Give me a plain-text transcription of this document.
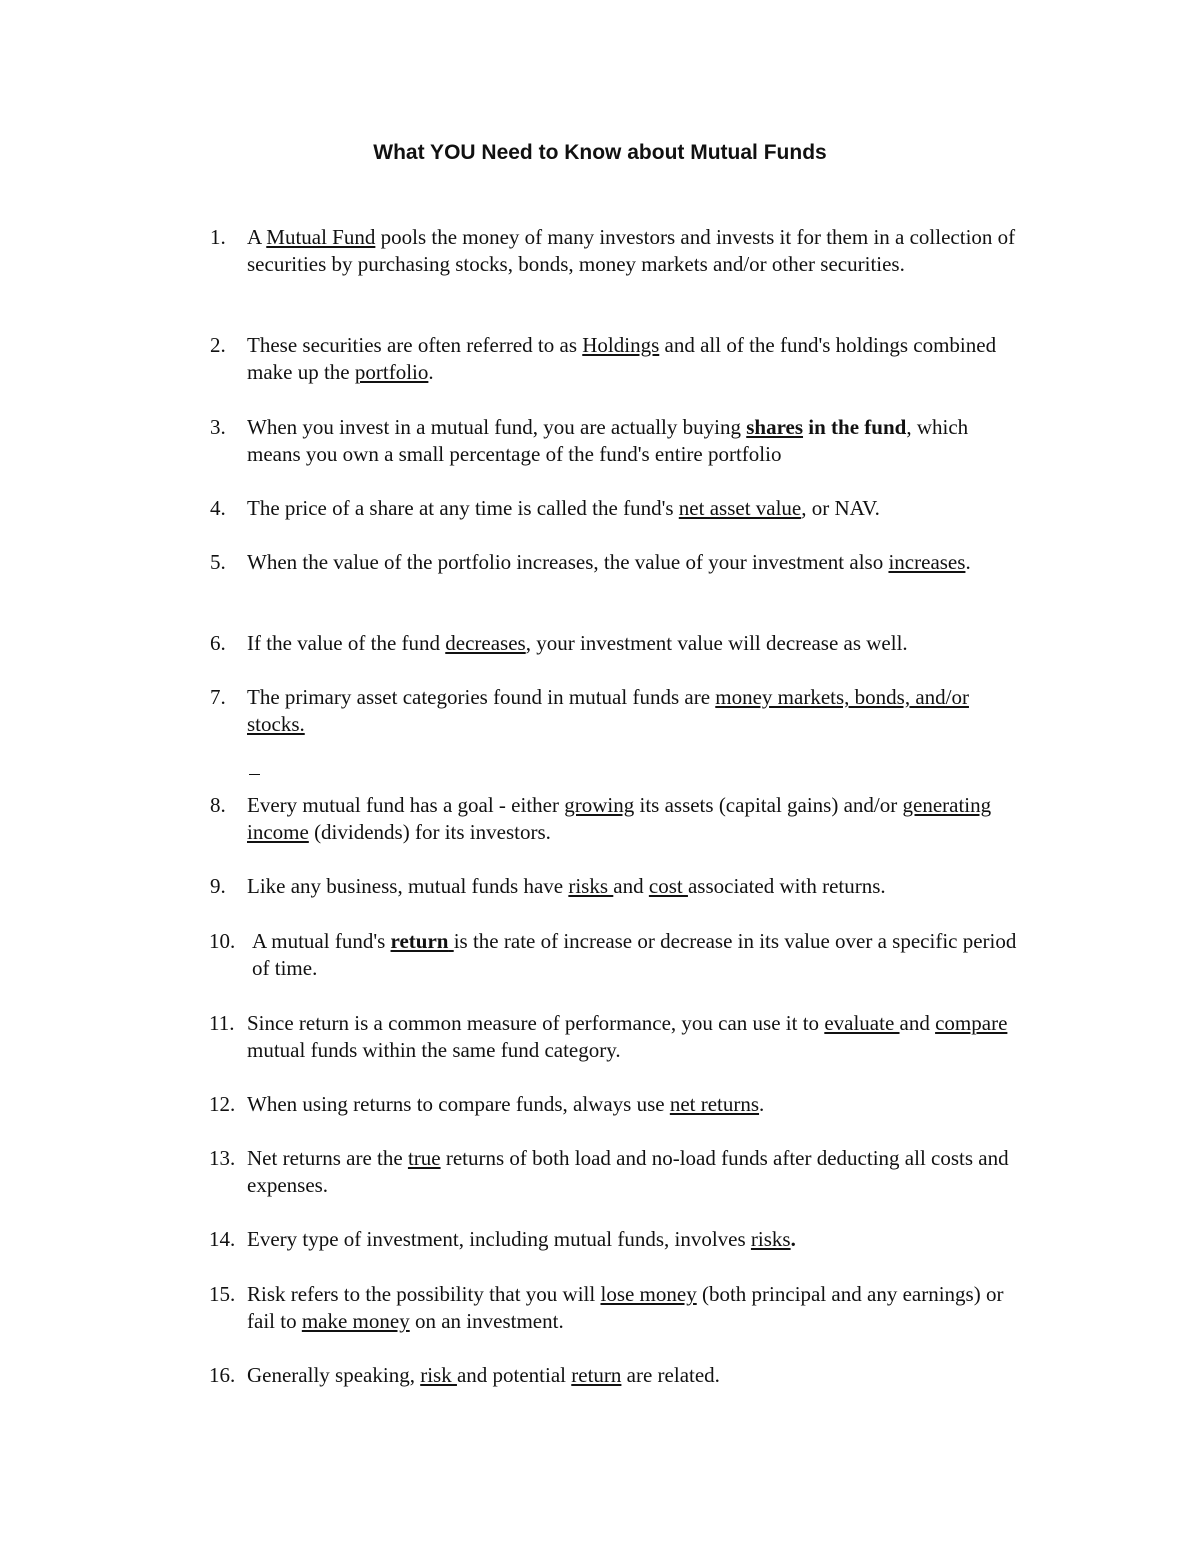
What YOU Need to Know about Mutual Funds
1. A Mutual Fund pools the money of many investors and invests it for them in a collection of securities by purchasing stocks, bonds, money markets and/or other securities.
2. These securities are often referred to as Holdings and all of the fund's holdings combined make up the portfolio.
3. When you invest in a mutual fund, you are actually buying shares in the fund, which means you own a small percentage of the fund's entire portfolio
4. The price of a share at any time is called the fund's net asset value, or NAV.
5. When the value of the portfolio increases, the value of your investment also increases.
6. If the value of the fund decreases, your investment value will decrease as well.
7. The primary asset categories found in mutual funds are money markets, bonds, and/or stocks.
8. Every mutual fund has a goal - either growing its assets (capital gains) and/or generating income (dividends) for its investors.
9. Like any business, mutual funds have risks and cost associated with returns.
10. A mutual fund's return is the rate of increase or decrease in its value over a specific period of time.
11. Since return is a common measure of performance, you can use it to evaluate and compare mutual funds within the same fund category.
12. When using returns to compare funds, always use net returns.
13. Net returns are the true returns of both load and no-load funds after deducting all costs and expenses.
14. Every type of investment, including mutual funds, involves risks.
15. Risk refers to the possibility that you will lose money (both principal and any earnings) or fail to make money on an investment.
16. Generally speaking, risk and potential return are related.
